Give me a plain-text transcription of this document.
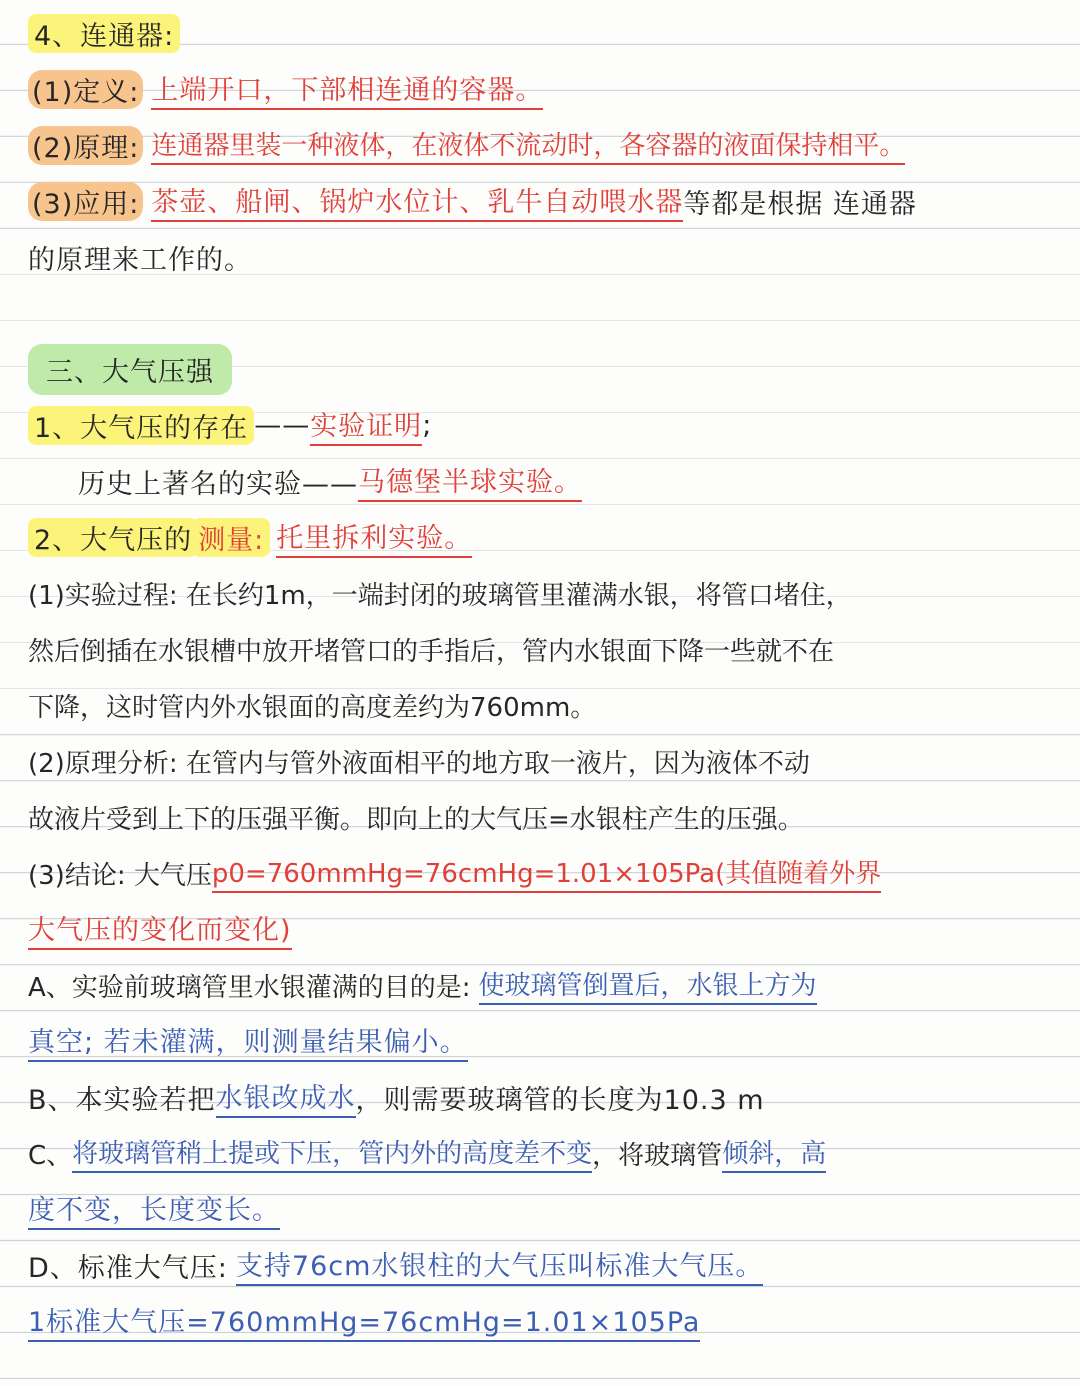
4、连通器:
(1)定义: 上端开口，下部相连通的容器。
(2)原理: 连通器里装一种液体，在液体不流动时，各容器的液面保持相平。
(3)应用: 茶壶、船闸、锅炉水位计、乳牛自动喂水器 等都是根据 连通器
的原理来工作的。
三、大气压强
1、大气压的存在 —— 实验证明 ;
历史上著名的实验—— 马德堡半球实验。
2、大气压的 测量: 托里拆利实验。
(1)实验过程: 在长约1m，一端封闭的玻璃管里灌满水银，将管口堵住，
然后倒插在水银槽中放开堵管口的手指后，管内水银面下降一些就不在
下降，这时管内外水银面的高度差约为760mm。
(2)原理分析: 在管内与管外液面相平的地方取一液片，因为液体不动
故液片受到上下的压强平衡。即向上的大气压=水银柱产生的压强。
(3)结论: 大气压 p0=760mmHg=76cmHg=1.01×105Pa(其值随着外界
大气压的变化而变化)
A、实验前玻璃管里水银灌满的目的是: 使玻璃管倒置后，水银上方为
真空; 若未灌满，则测量结果偏小。
B、本实验若把 水银改成水 ，则需要玻璃管的长度为10.3 m
C、 将玻璃管稍上提或下压，管内外的高度差不变 ，将玻璃管 倾斜，高
度不变，长度变长。
D、标准大气压: 支持76cm水银柱的大气压叫标准大气压。
1标准大气压=760mmHg=76cmHg=1.01×105Pa
